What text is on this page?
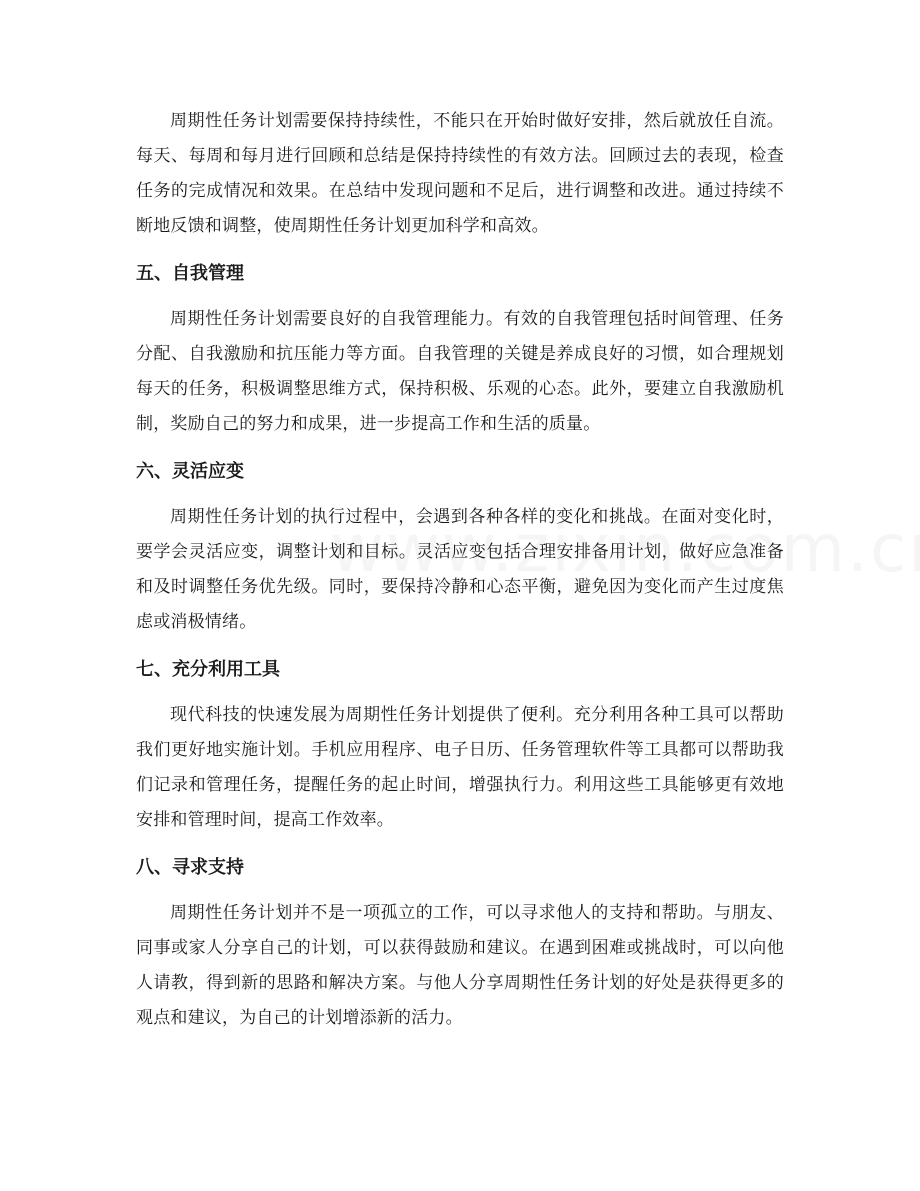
周期性任务计划需要保持持续性，不能只在开始时做好安排，然后就放任自流。每天、每周和每月进行回顾和总结是保持持续性的有效方法。回顾过去的表现，检查任务的完成情况和效果。在总结中发现问题和不足后，进行调整和改进。通过持续不断地反馈和调整，使周期性任务计划更加科学和高效。

五、自我管理

周期性任务计划需要良好的自我管理能力。有效的自我管理包括时间管理、任务分配、自我激励和抗压能力等方面。自我管理的关键是养成良好的习惯，如合理规划每天的任务，积极调整思维方式，保持积极、乐观的心态。此外，要建立自我激励机制，奖励自己的努力和成果，进一步提高工作和生活的质量。

六、灵活应变

周期性任务计划的执行过程中，会遇到各种各样的变化和挑战。在面对变化时，要学会灵活应变，调整计划和目标。灵活应变包括合理安排备用计划，做好应急准备和及时调整任务优先级。同时，要保持冷静和心态平衡，避免因为变化而产生过度焦虑或消极情绪。

七、充分利用工具

现代科技的快速发展为周期性任务计划提供了便利。充分利用各种工具可以帮助我们更好地实施计划。手机应用程序、电子日历、任务管理软件等工具都可以帮助我们记录和管理任务，提醒任务的起止时间，增强执行力。利用这些工具能够更有效地安排和管理时间，提高工作效率。

八、寻求支持

周期性任务计划并不是一项孤立的工作，可以寻求他人的支持和帮助。与朋友、同事或家人分享自己的计划，可以获得鼓励和建议。在遇到困难或挑战时，可以向他人请教，得到新的思路和解决方案。与他人分享周期性任务计划的好处是获得更多的观点和建议，为自己的计划增添新的活力。
